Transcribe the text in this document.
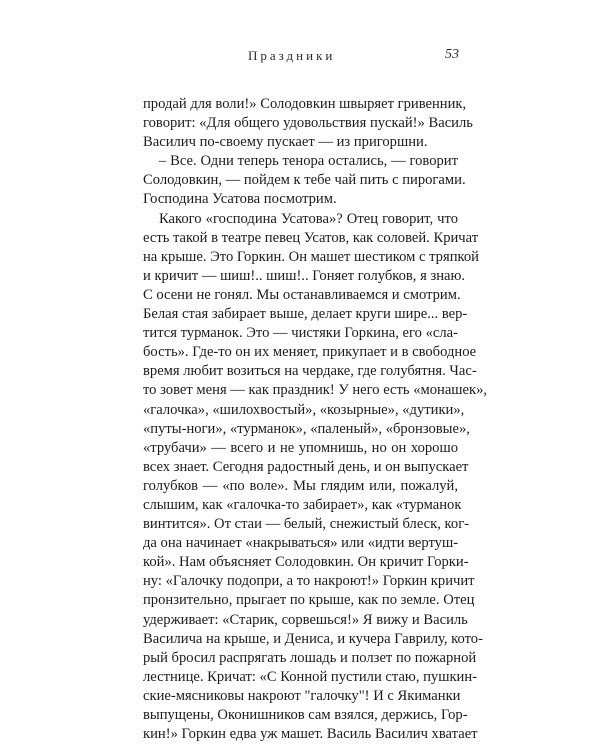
Праздники	53
продай для воли!» Солодовкин швыряет гривенник,
говорит: «Для общего удовольствия пускай!» Василь
Василич по-своему пускает — из пригоршни.
– Все. Одни теперь тенора остались, — говорит
Солодовкин, — пойдем к тебе чай пить с пирогами.
Господина Усатова посмотрим.
Какого «господина Усатова»? Отец говорит, что
есть такой в театре певец Усатов, как соловей. Кричат
на крыше. Это Горкин. Он машет шестиком с тряпкой
и кричит — шиш!.. шиш!.. Гоняет голубков, я знаю.
С осени не гонял. Мы останавливаемся и смотрим.
Белая стая забирает выше, делает круги шире... вер-
тится турманок. Это — чистяки Горкина, его «сла-
бость». Где-то он их меняет, прикупает и в свободное
время любит возиться на чердаке, где голубятня. Час-
то зовет меня — как праздник! У него есть «монашек»,
«галочка», «шилохвостый», «козырные», «дутики»,
«путы-ноги», «турманок», «паленый», «бронзовые»,
«трубачи» — всего и не упомнишь, но он хорошо
всех знает. Сегодня радостный день, и он выпускает
голубков — «по воле». Мы глядим или, пожалуй,
слышим, как «галочка-то забирает», как «турманок
винтится». От стаи — белый, снежистый блеск, ког-
да она начинает «накрываться» или «идти вертуш-
кой». Нам объясняет Солодовкин. Он кричит Горки-
ну: «Галочку подопри, а то накроют!» Горкин кричит
пронзительно, прыгает по крыше, как по земле. Отец
удерживает: «Старик, сорвешься!» Я вижу и Василь
Василича на крыше, и Дениса, и кучера Гаврилу, кото-
рый бросил распрягать лошадь и ползет по пожарной
лестнице. Кричат: «С Конной пустили стаю, пушкин-
ские-мясниковы накроют "галочку"! И с Якиманки
выпущены, Оконишников сам взялся, держись, Гор-
кин!» Горкин едва уж машет. Василь Василич хватает
